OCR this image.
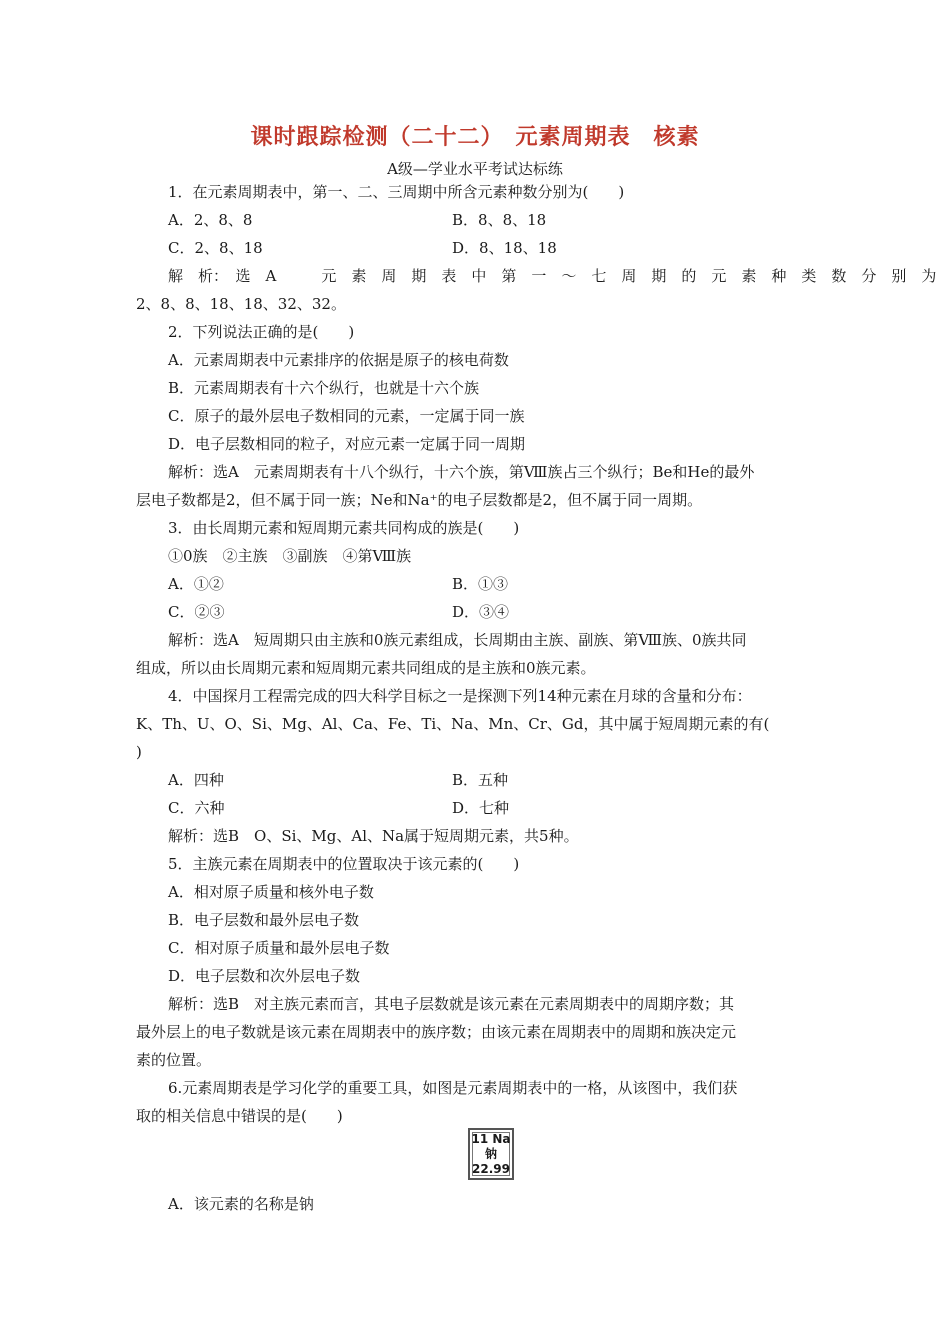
课时跟踪检测（二十二）　元素周期表　核素
A级—学业水平考试达标练
1．在元素周期表中，第一、二、三周期中所含元素种数分别为(　　)
A．2、8、8	B．8、8、18
C．2、8、18	D．8、18、18
解　析：　选　A　　　元　素　周　期　表　中　第　一　～　七　周　期　的　元　素　种　类　数　分　别　为
2、8、8、18、18、32、32。
2．下列说法正确的是(　　)
A．元素周期表中元素排序的依据是原子的核电荷数
B．元素周期表有十六个纵行，也就是十六个族
C．原子的最外层电子数相同的元素，一定属于同一族
D．电子层数相同的粒子，对应元素一定属于同一周期
解析：选A　元素周期表有十八个纵行，十六个族，第Ⅷ族占三个纵行；Be和He的最外
层电子数都是2，但不属于同一族；Ne和Na⁺的电子层数都是2，但不属于同一周期。
3．由长周期元素和短周期元素共同构成的族是(　　)
①0族　②主族　③副族　④第Ⅷ族
A．①②	B．①③
C．②③	D．③④
解析：选A　短周期只由主族和0族元素组成，长周期由主族、副族、第Ⅷ族、0族共同
组成，所以由长周期元素和短周期元素共同组成的是主族和0族元素。
4．中国探月工程需完成的四大科学目标之一是探测下列14种元素在月球的含量和分布：
K、Th、U、O、Si、Mg、Al、Ca、Fe、Ti、Na、Mn、Cr、Gd，其中属于短周期元素的有(
)
A．四种	B．五种
C．六种	D．七种
解析：选B　O、Si、Mg、Al、Na属于短周期元素，共5种。
5．主族元素在周期表中的位置取决于该元素的(　　)
A．相对原子质量和核外电子数
B．电子层数和最外层电子数
C．相对原子质量和最外层电子数
D．电子层数和次外层电子数
解析：选B　对主族元素而言，其电子层数就是该元素在元素周期表中的周期序数；其
最外层上的电子数就是该元素在周期表中的族序数；由该元素在周期表中的周期和族决定元
素的位置。
6.元素周期表是学习化学的重要工具，如图是元素周期表中的一格，从该图中，我们获
取的相关信息中错误的是(　　)
11 Na
钠
22.99
A．该元素的名称是钠
